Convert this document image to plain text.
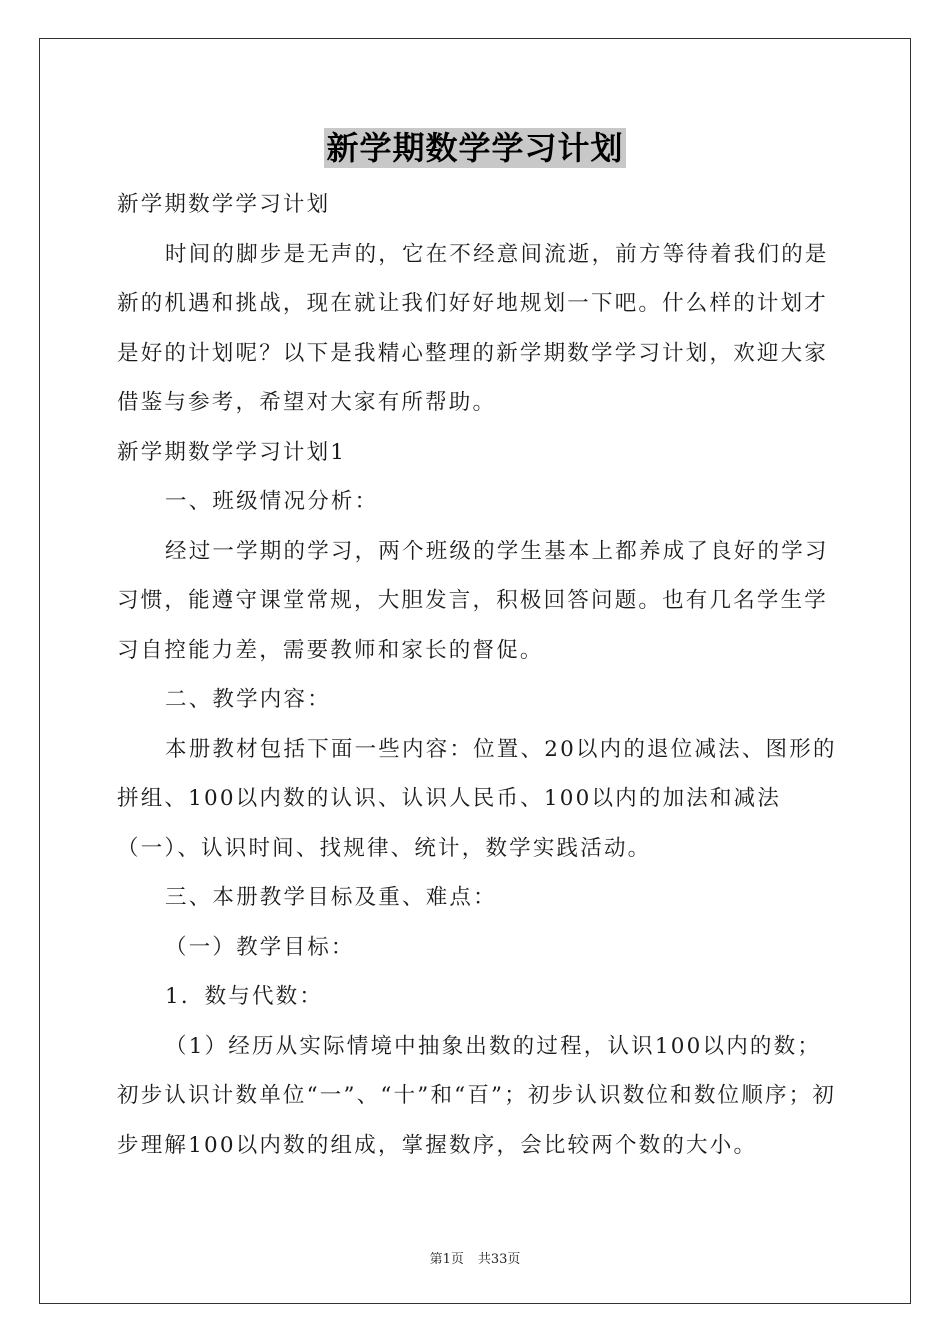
新学期数学学习计划

新学期数学学习计划

时间的脚步是无声的，它在不经意间流逝，前方等待着我们的是新的机遇和挑战，现在就让我们好好地规划一下吧。什么样的计划才是好的计划呢？以下是我精心整理的新学期数学学习计划，欢迎大家借鉴与参考，希望对大家有所帮助。

新学期数学学习计划1

一、班级情况分析：

经过一学期的学习，两个班级的学生基本上都养成了良好的学习习惯，能遵守课堂常规，大胆发言，积极回答问题。也有几名学生学习自控能力差，需要教师和家长的督促。

二、教学内容：

本册教材包括下面一些内容：位置、20以内的退位减法、图形的拼组、100以内数的认识、认识人民币、100以内的加法和减法（一）、认识时间、找规律、统计，数学实践活动。

三、本册教学目标及重、难点：

（一）教学目标：

1．数与代数：

（1）经历从实际情境中抽象出数的过程，认识100以内的数；初步认识计数单位“一”、“十”和“百”；初步认识数位和数位顺序；初步理解100以内数的组成，掌握数序，会比较两个数的大小。

第1页 共33页
